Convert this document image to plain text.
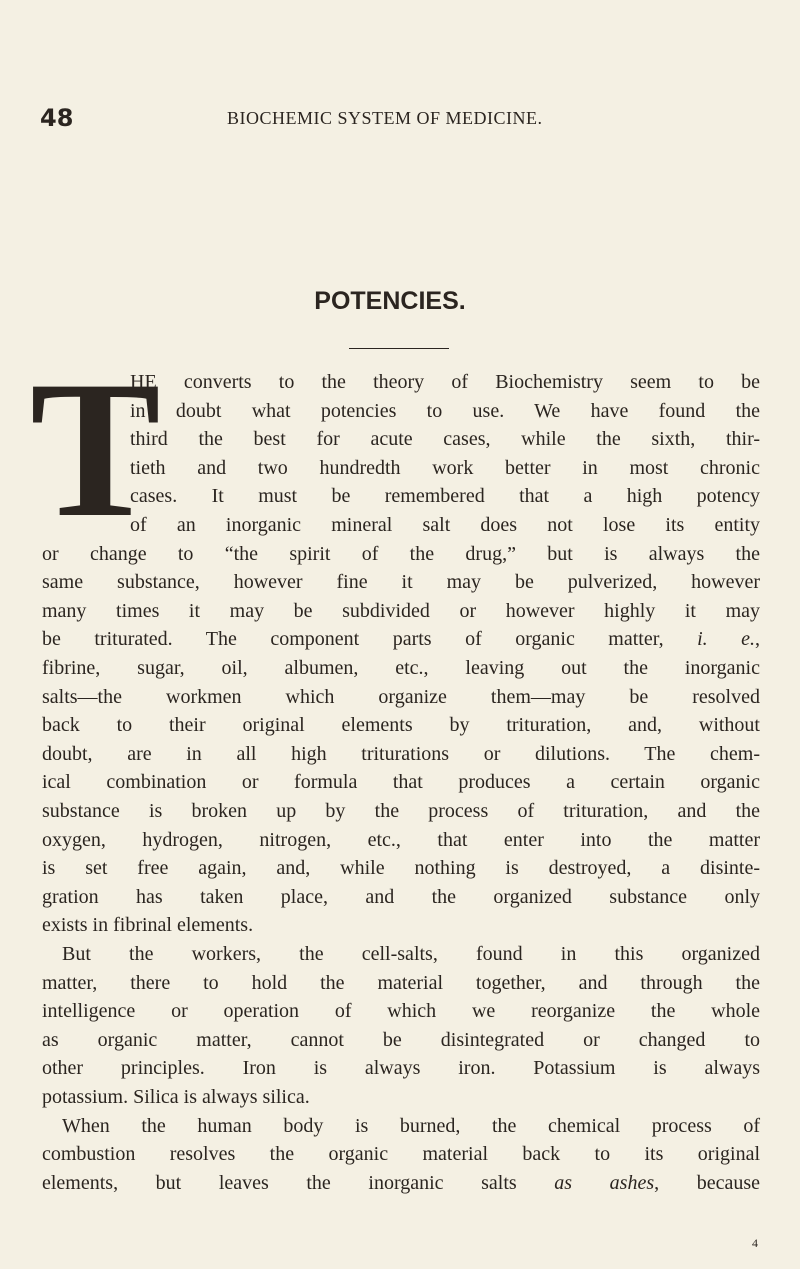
48	BIOCHEMIC SYSTEM OF MEDICINE.
POTENCIES.
T
HE converts to the theory of Biochemistry seem to be
in doubt what potencies to use. We have found the
third the best for acute cases, while the sixth, thir-
tieth and two hundredth work better in most chronic
cases. It must be remembered that a high potency
of an inorganic mineral salt does not lose its entity
or change to “the spirit of the drug,” but is always the
same substance, however fine it may be pulverized, however
many times it may be subdivided or however highly it may
be triturated. The component parts of organic matter, i. e.,
fibrine, sugar, oil, albumen, etc., leaving out the inorganic
salts—the workmen which organize them—may be resolved
back to their original elements by trituration, and, without
doubt, are in all high triturations or dilutions. The chem-
ical combination or formula that produces a certain organic
substance is broken up by the process of trituration, and the
oxygen, hydrogen, nitrogen, etc., that enter into the matter
is set free again, and, while nothing is destroyed, a disinte-
gration has taken place, and the organized substance only
exists in fibrinal elements.
But the workers, the cell-salts, found in this organized
matter, there to hold the material together, and through the
intelligence or operation of which we reorganize the whole
as organic matter, cannot be disintegrated or changed to
other principles. Iron is always iron. Potassium is always
potassium. Silica is always silica.
When the human body is burned, the chemical process of
combustion resolves the organic material back to its original
elements, but leaves the inorganic salts as ashes, because
4
